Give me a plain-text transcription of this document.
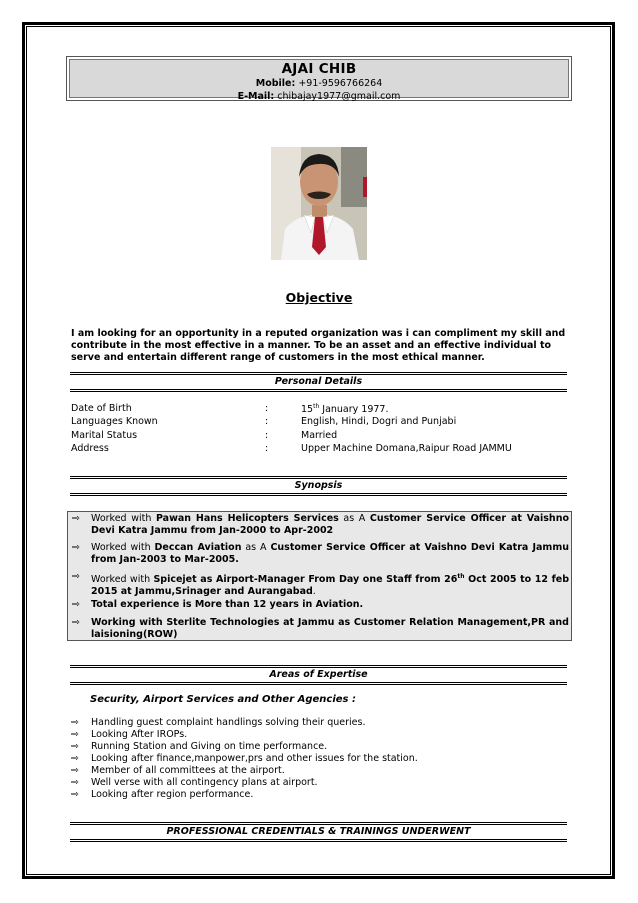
AJAI CHIB
Mobile: +91-9596766264
E-Mail: chibajay1977@gmail.com
Objective
I am looking for an opportunity in a reputed organization was i can compliment my skill and contribute in the most effective in a manner. To be an asset and an effective individual to serve and entertain different range of customers in the most ethical manner.
Personal Details
Date of Birth	:	15th January 1977.
Languages Known	:	English, Hindi, Dogri and Punjabi
Marital Status	:	Married
Address	:	Upper Machine Domana,Raipur Road JAMMU
Synopsis
⇨ Worked with Pawan Hans Helicopters Services as A Customer Service Officer at Vaishno Devi Katra Jammu from Jan-2000 to Apr-2002
⇨ Worked with Deccan Aviation as A Customer Service Officer at Vaishno Devi Katra Jammu from Jan-2003 to Mar-2005.
⇨ Worked with Spicejet as Airport-Manager From Day one Staff from 26th Oct 2005 to 12 feb 2015 at Jammu,Srinager and Aurangabad.
⇨ Total experience is More than 12 years in Aviation.
⇨ Working with Sterlite Technologies at Jammu as Customer Relation Management,PR and laisioning(ROW)
Areas of Expertise
Security, Airport Services and Other Agencies :
⇨ Handling guest complaint handlings solving their queries.
⇨ Looking After IROPs.
⇨ Running Station and Giving on time performance.
⇨ Looking after finance,manpower,prs and other issues for the station.
⇨ Member of all committees at the airport.
⇨ Well verse with all contingency plans at airport.
⇨ Looking after region performance.
PROFESSIONAL CREDENTIALS & TRAININGS UNDERWENT
